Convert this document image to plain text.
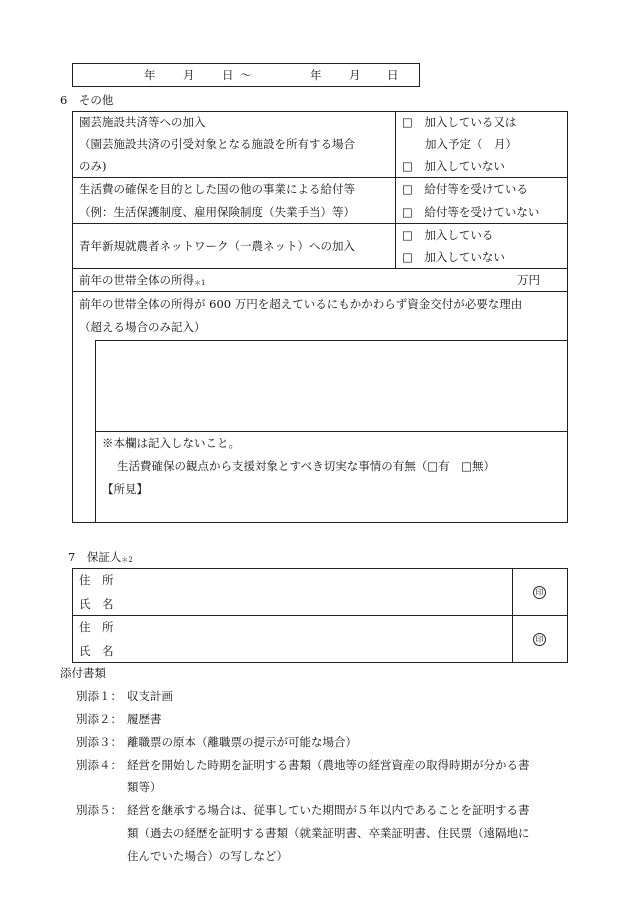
年 月 日 ～	年 月 日
6　その他
園芸施設共済等への加入
（園芸施設共済の引受対象となる施設を所有する場合
のみ)
□　加入している又は
加入予定（　月）
□　加入していない
生活費の確保を目的とした国の他の事業による給付等
（例：生活保護制度、雇用保険制度（失業手当）等）
□　給付等を受けている
□　給付等を受けていない
青年新規就農者ネットワーク（一農ネット）への加入
□　加入している
□　加入していない
前年の世帯全体の所得＊1	万円
前年の世帯全体の所得が 600 万円を超えているにもかかわらず資金交付が必要な理由
（超える場合のみ記入）
※本欄は記入しないこと。
生活費確保の観点から支援対象とすべき切実な事情の有無（□有　□無）
【所見】
7　保証人＊2
住　所
氏　名
印
住　所
氏　名
印
添付書類
別添１： 収支計画
別添２： 履歴書
別添３： 離職票の原本（離職票の提示が可能な場合）
別添４： 経営を開始した時期を証明する書類（農地等の経営資産の取得時期が分かる書
類等）
別添５： 経営を継承する場合は、従事していた期間が５年以内であることを証明する書
類（過去の経歴を証明する書類（就業証明書、卒業証明書、住民票（遠隔地に
住んでいた場合）の写しなど）
